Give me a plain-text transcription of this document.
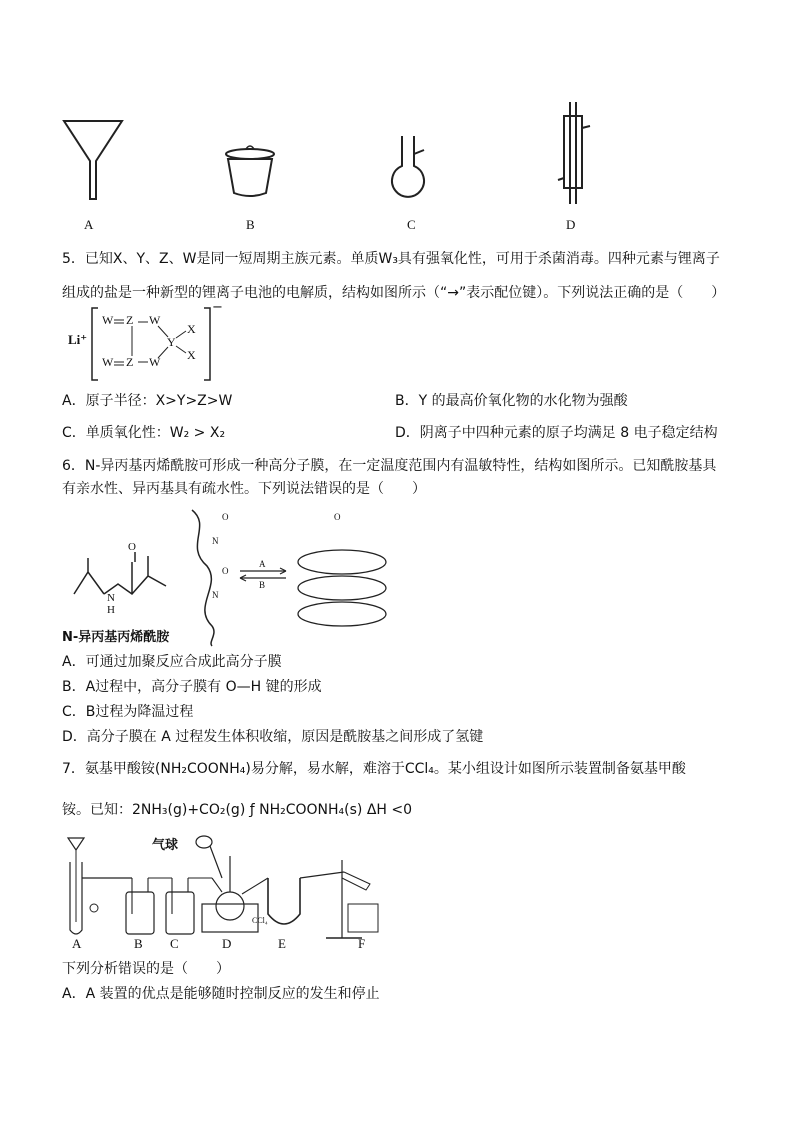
A	B	C	D
5．已知X、Y、Z、W是同一短周期主族元素。单质W₃具有强氧化性，可用于杀菌消毒。四种元素与锂离子
组成的盐是一种新型的锂离子电池的电解质，结构如图所示（“→”表示配位键）。下列说法正确的是（　　）
Li⁺
W Z W
Y
X
X
W Z W
−
A．原子半径：X>Y>Z>W	B．Y 的最高价氧化物的水化物为强酸
C．单质氧化性：W₂ > X₂	D．阴离子中四种元素的原子均满足 8 电子稳定结构
6．N-异丙基丙烯酰胺可形成一种高分子膜，在一定温度范围内有温敏特性，结构如图所示。已知酰胺基具
有亲水性、异丙基具有疏水性。下列说法错误的是（　　）
N
H
O
O
N
O
N
O
A
B
N-异丙基丙烯酰胺
A．可通过加聚反应合成此高分子膜
B．A过程中，高分子膜有 O—H 键的形成
C．B过程为降温过程
D．高分子膜在 A 过程发生体积收缩，原因是酰胺基之间形成了氢键
7．氨基甲酸铵(NH₂COONH₄)易分解，易水解，难溶于CCl₄。某小组设计如图所示装置制备氨基甲酸
铵。已知：2NH₃(g)+CO₂(g) ƒ NH₂COONH₄(s) ΔH <0
气球
CCl₄
A	B C	D	E	F
下列分析错误的是（　　）
A．A 装置的优点是能够随时控制反应的发生和停止
